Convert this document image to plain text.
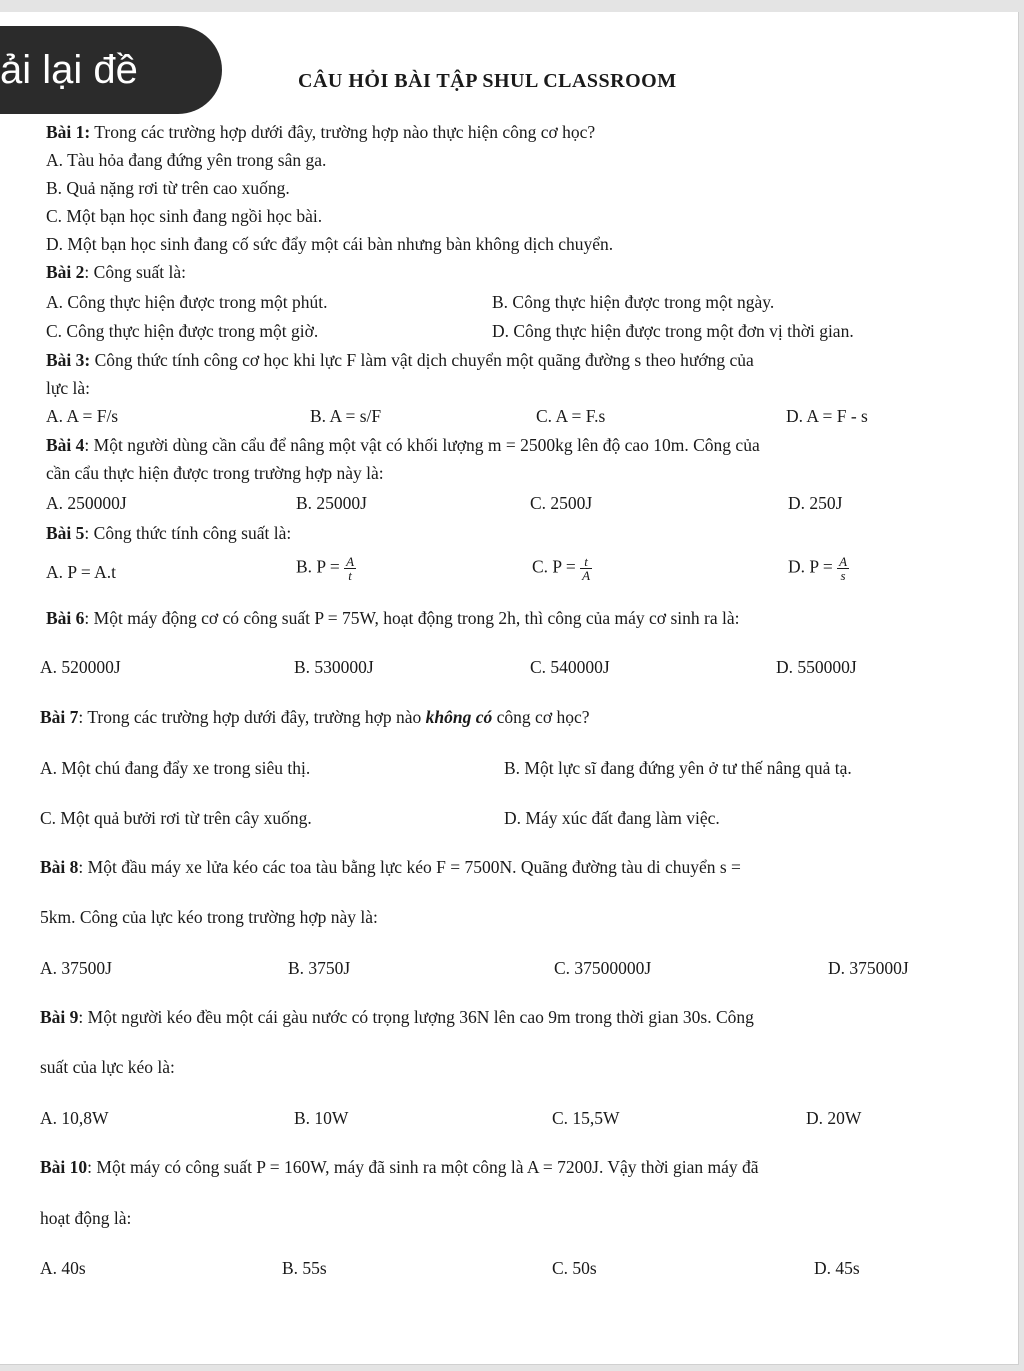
ải lại đề	CÂU HỎI BÀI TẬP SHUL CLASSROOM
Bài 1: Trong các trường hợp dưới đây, trường hợp nào thực hiện công cơ học?
A. Tàu hỏa đang đứng yên trong sân ga.
B. Quả nặng rơi từ trên cao xuống.
C. Một bạn học sinh đang ngồi học bài.
D. Một bạn học sinh đang cố sức đẩy một cái bàn nhưng bàn không dịch chuyển.
Bài 2: Công suất là:
A. Công thực hiện được trong một phút.	B. Công thực hiện được trong một ngày.
C. Công thực hiện được trong một giờ.	D. Công thực hiện được trong một đơn vị thời gian.
Bài 3: Công thức tính công cơ học khi lực F làm vật dịch chuyển một quãng đường s theo hướng của
lực là:
A. A = F/s	B. A = s/F	C. A = F.s	D. A = F - s
Bài 4: Một người dùng cần cẩu để nâng một vật có khối lượng m = 2500kg lên độ cao 10m. Công của
cần cẩu thực hiện được trong trường hợp này là:
A. 250000J	B. 25000J	C. 2500J	D. 250J
Bài 5: Công thức tính công suất là:
A. P = A.t	B. $P = \frac{A}{t}$	C. $P = \frac{t}{A}$	D. $P = \frac{A}{s}$
Bài 6: Một máy động cơ có công suất P = 75W, hoạt động trong 2h, thì công của máy cơ sinh ra là:
A. 520000J	B. 530000J	C. 540000J	D. 550000J
Bài 7: Trong các trường hợp dưới đây, trường hợp nào không có công cơ học?
A. Một chú đang đẩy xe trong siêu thị.	B. Một lực sĩ đang đứng yên ở tư thế nâng quả tạ.
C. Một quả bưởi rơi từ trên cây xuống.	D. Máy xúc đất đang làm việc.
Bài 8: Một đầu máy xe lửa kéo các toa tàu bằng lực kéo F = 7500N. Quãng đường tàu di chuyển s =
5km. Công của lực kéo trong trường hợp này là:
A. 37500J	B. 3750J	C. 37500000J	D. 375000J
Bài 9: Một người kéo đều một cái gàu nước có trọng lượng 36N lên cao 9m trong thời gian 30s. Công
suất của lực kéo là:
A. 10,8W	B. 10W	C. 15,5W	D. 20W
Bài 10: Một máy có công suất P = 160W, máy đã sinh ra một công là A = 7200J. Vậy thời gian máy đã
hoạt động là:
A. 40s	B. 55s	C. 50s	D. 45s
